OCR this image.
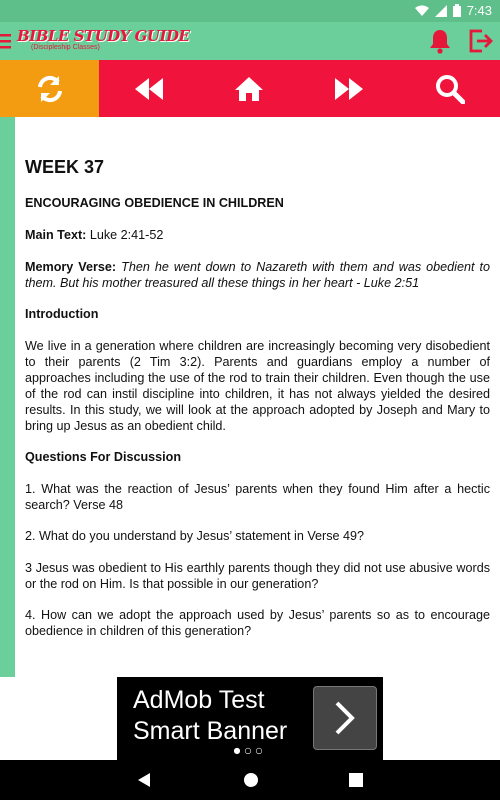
7:43
BIBLE STUDY GUIDE
(Discipleship Classes)
WEEK 37
ENCOURAGING OBEDIENCE IN CHILDREN
Main Text: Luke 2:41-52
Memory Verse: Then he went down to Nazareth with them and was obedient to them. But his mother treasured all these things in her heart - Luke 2:51
Introduction
We live in a generation where children are increasingly becoming very disobedient to their parents (2 Tim 3:2). Parents and guardians employ a number of approaches including the use of the rod to train their children. Even though the use of the rod can instil discipline into children, it has not always yielded the desired results. In this study, we will look at the approach adopted by Joseph and Mary to bring up Jesus as an obedient child.
Questions For Discussion
1. What was the reaction of Jesus’ parents when they found Him after a hectic search? Verse 48
2. What do you understand by Jesus’ statement in Verse 49?
3 Jesus was obedient to His earthly parents though they did not use abusive words or the rod on Him. Is that possible in our generation?
4. How can we adopt the approach used by Jesus’ parents so as to encourage obedience in children of this generation?
AdMob Test
Smart Banner
●○○
